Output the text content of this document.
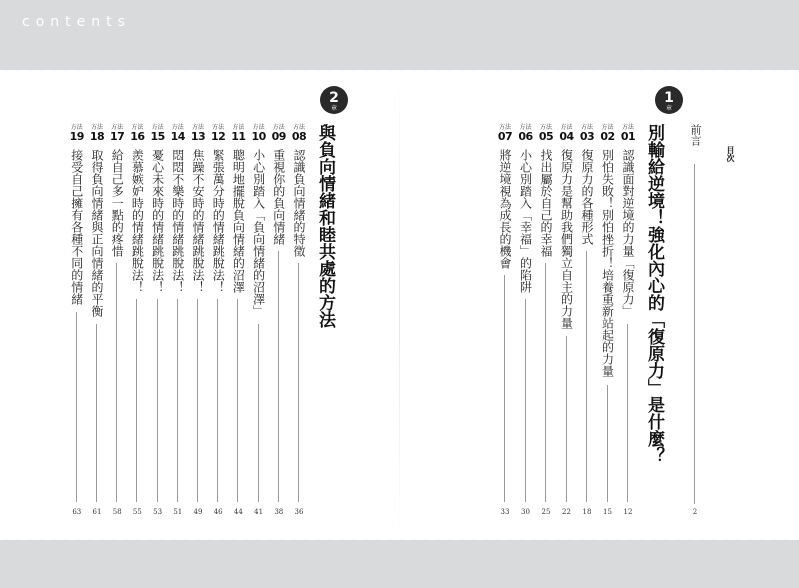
contents
目次
前言
2
1
章
別輸給逆境！強化內心的「復原力」是什麼？
方法
01
認識面對逆境的力量「復原力」
12
方法
02
別怕失敗！別怕挫折！培養重新站起的力量
15
方法
03
復原力的各種形式
18
方法
04
復原力是幫助我們獨立自主的力量
22
方法
05
找出屬於自己的幸福
25
方法
06
小心別踏入「幸福」的陷阱
30
方法
07
將逆境視為成長的機會
33
2
章
與負向情緒和睦共處的方法
方法
08
認識負向情緒的特徵
36
方法
09
重視你的負向情緒
38
方法
10
小心別踏入「負向情緒的沼澤」
41
方法
11
聰明地擺脫負向情緒的沼澤
44
方法
12
緊張萬分時的情緒跳脫法！
46
方法
13
焦躁不安時的情緒跳脫法！
49
方法
14
悶悶不樂時的情緒跳脫法！
51
方法
15
憂心未來時的情緒跳脫法！
53
方法
16
羨慕嫉妒時的情緒跳脫法！
55
方法
17
給自己多一點的疼惜
58
方法
18
取得負向情緒與正向情緒的平衡
61
方法
19
接受自己擁有各種不同的情緒
63
